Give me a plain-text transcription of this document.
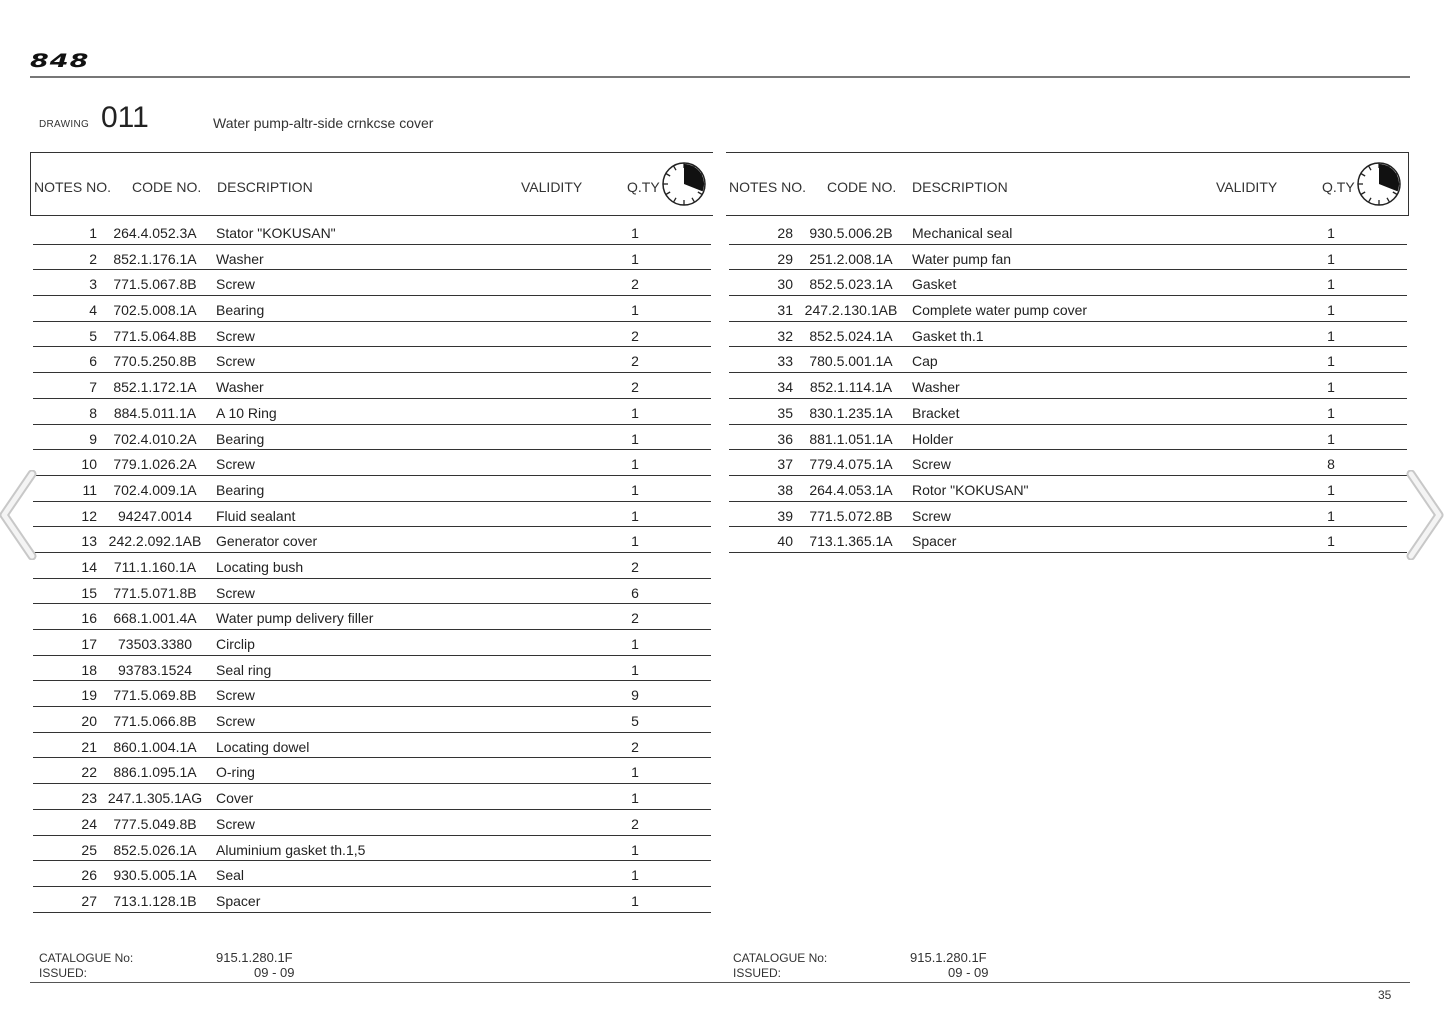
848
DRAWING 011	Water pump-altr-side crnkcse cover
NOTES NO. CODE NO. DESCRIPTION	VALIDITY	Q.TY
1	264.4.052.3A	Stator "KOKUSAN"	1
2	852.1.176.1A	Washer	1
3	771.5.067.8B	Screw	2
4	702.5.008.1A	Bearing	1
5	771.5.064.8B	Screw	2
6	770.5.250.8B	Screw	2
7	852.1.172.1A	Washer	2
8	884.5.011.1A	A 10 Ring	1
9	702.4.010.2A	Bearing	1
10	779.1.026.2A	Screw	1
11	702.4.009.1A	Bearing	1
12	94247.0014	Fluid sealant	1
13 242.2.092.1AB	Generator cover	1
14	711.1.160.1A	Locating bush	2
15	771.5.071.8B	Screw	6
16	668.1.001.4A	Water pump delivery filler	2
17	73503.3380	Circlip	1
18	93783.1524	Seal ring	1
19	771.5.069.8B	Screw	9
20	771.5.066.8B	Screw	5
21	860.1.004.1A	Locating dowel	2
22	886.1.095.1A	O-ring	1
23 247.1.305.1AG Cover	1
24	777.5.049.8B	Screw	2
25	852.5.026.1A	Aluminium gasket th.1,5	1
26	930.5.005.1A	Seal	1
27	713.1.128.1B	Spacer	1
NOTES NO. CODE NO. DESCRIPTION	VALIDITY	Q.TY
28	930.5.006.2B	Mechanical seal	1
29	251.2.008.1A	Water pump fan	1
30	852.5.023.1A	Gasket	1
31 247.2.130.1AB	Complete water pump cover	1
32	852.5.024.1A	Gasket th.1	1
33	780.5.001.1A	Cap	1
34	852.1.114.1A	Washer	1
35	830.1.235.1A	Bracket	1
36	881.1.051.1A	Holder	1
37	779.4.075.1A	Screw	8
38	264.4.053.1A	Rotor "KOKUSAN"	1
39	771.5.072.8B	Screw	1
40	713.1.365.1A	Spacer	1
CATALOGUE No:	915.1.280.1F
ISSUED:	09 - 09
CATALOGUE No:	915.1.280.1F
ISSUED:	09 - 09
35
